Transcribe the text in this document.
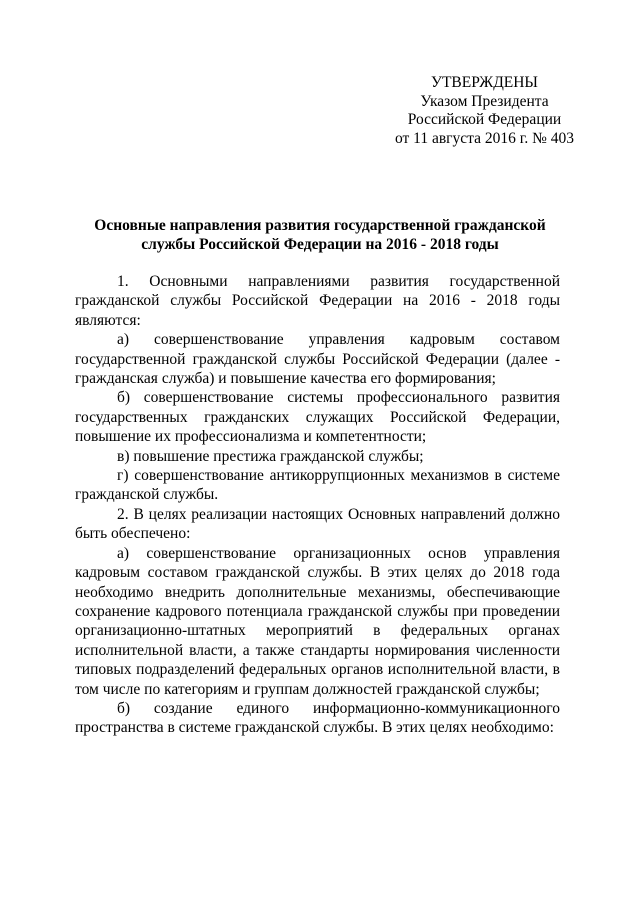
УТВЕРЖДЕНЫ
Указом Президента
Российской Федерации
от 11 августа 2016 г. № 403
Основные направления развития государственной гражданской
службы Российской Федерации на 2016 - 2018 годы

1. Основными направлениями развития государственной гражданской службы Российской Федерации на 2016 - 2018 годы являются:

а) совершенствование управления кадровым составом государственной гражданской службы Российской Федерации (далее - гражданская служба) и повышение качества его формирования;

б) совершенствование системы профессионального развития государственных гражданских служащих Российской Федерации, повышение их профессионализма и компетентности;

в) повышение престижа гражданской службы;

г) совершенствование антикоррупционных механизмов в системе гражданской службы.

2. В целях реализации настоящих Основных направлений должно быть обеспечено:

а) совершенствование организационных основ управления кадровым составом гражданской службы. В этих целях до 2018 года необходимо внедрить дополнительные механизмы, обеспечивающие сохранение кадрового потенциала гражданской службы при проведении организационно-штатных мероприятий в федеральных органах исполнительной власти, а также стандарты нормирования численности типовых подразделений федеральных органов исполнительной власти, в том числе по категориям и группам должностей гражданской службы;

б) создание единого информационно-коммуникационного пространства в системе гражданской службы. В этих целях необходимо:
